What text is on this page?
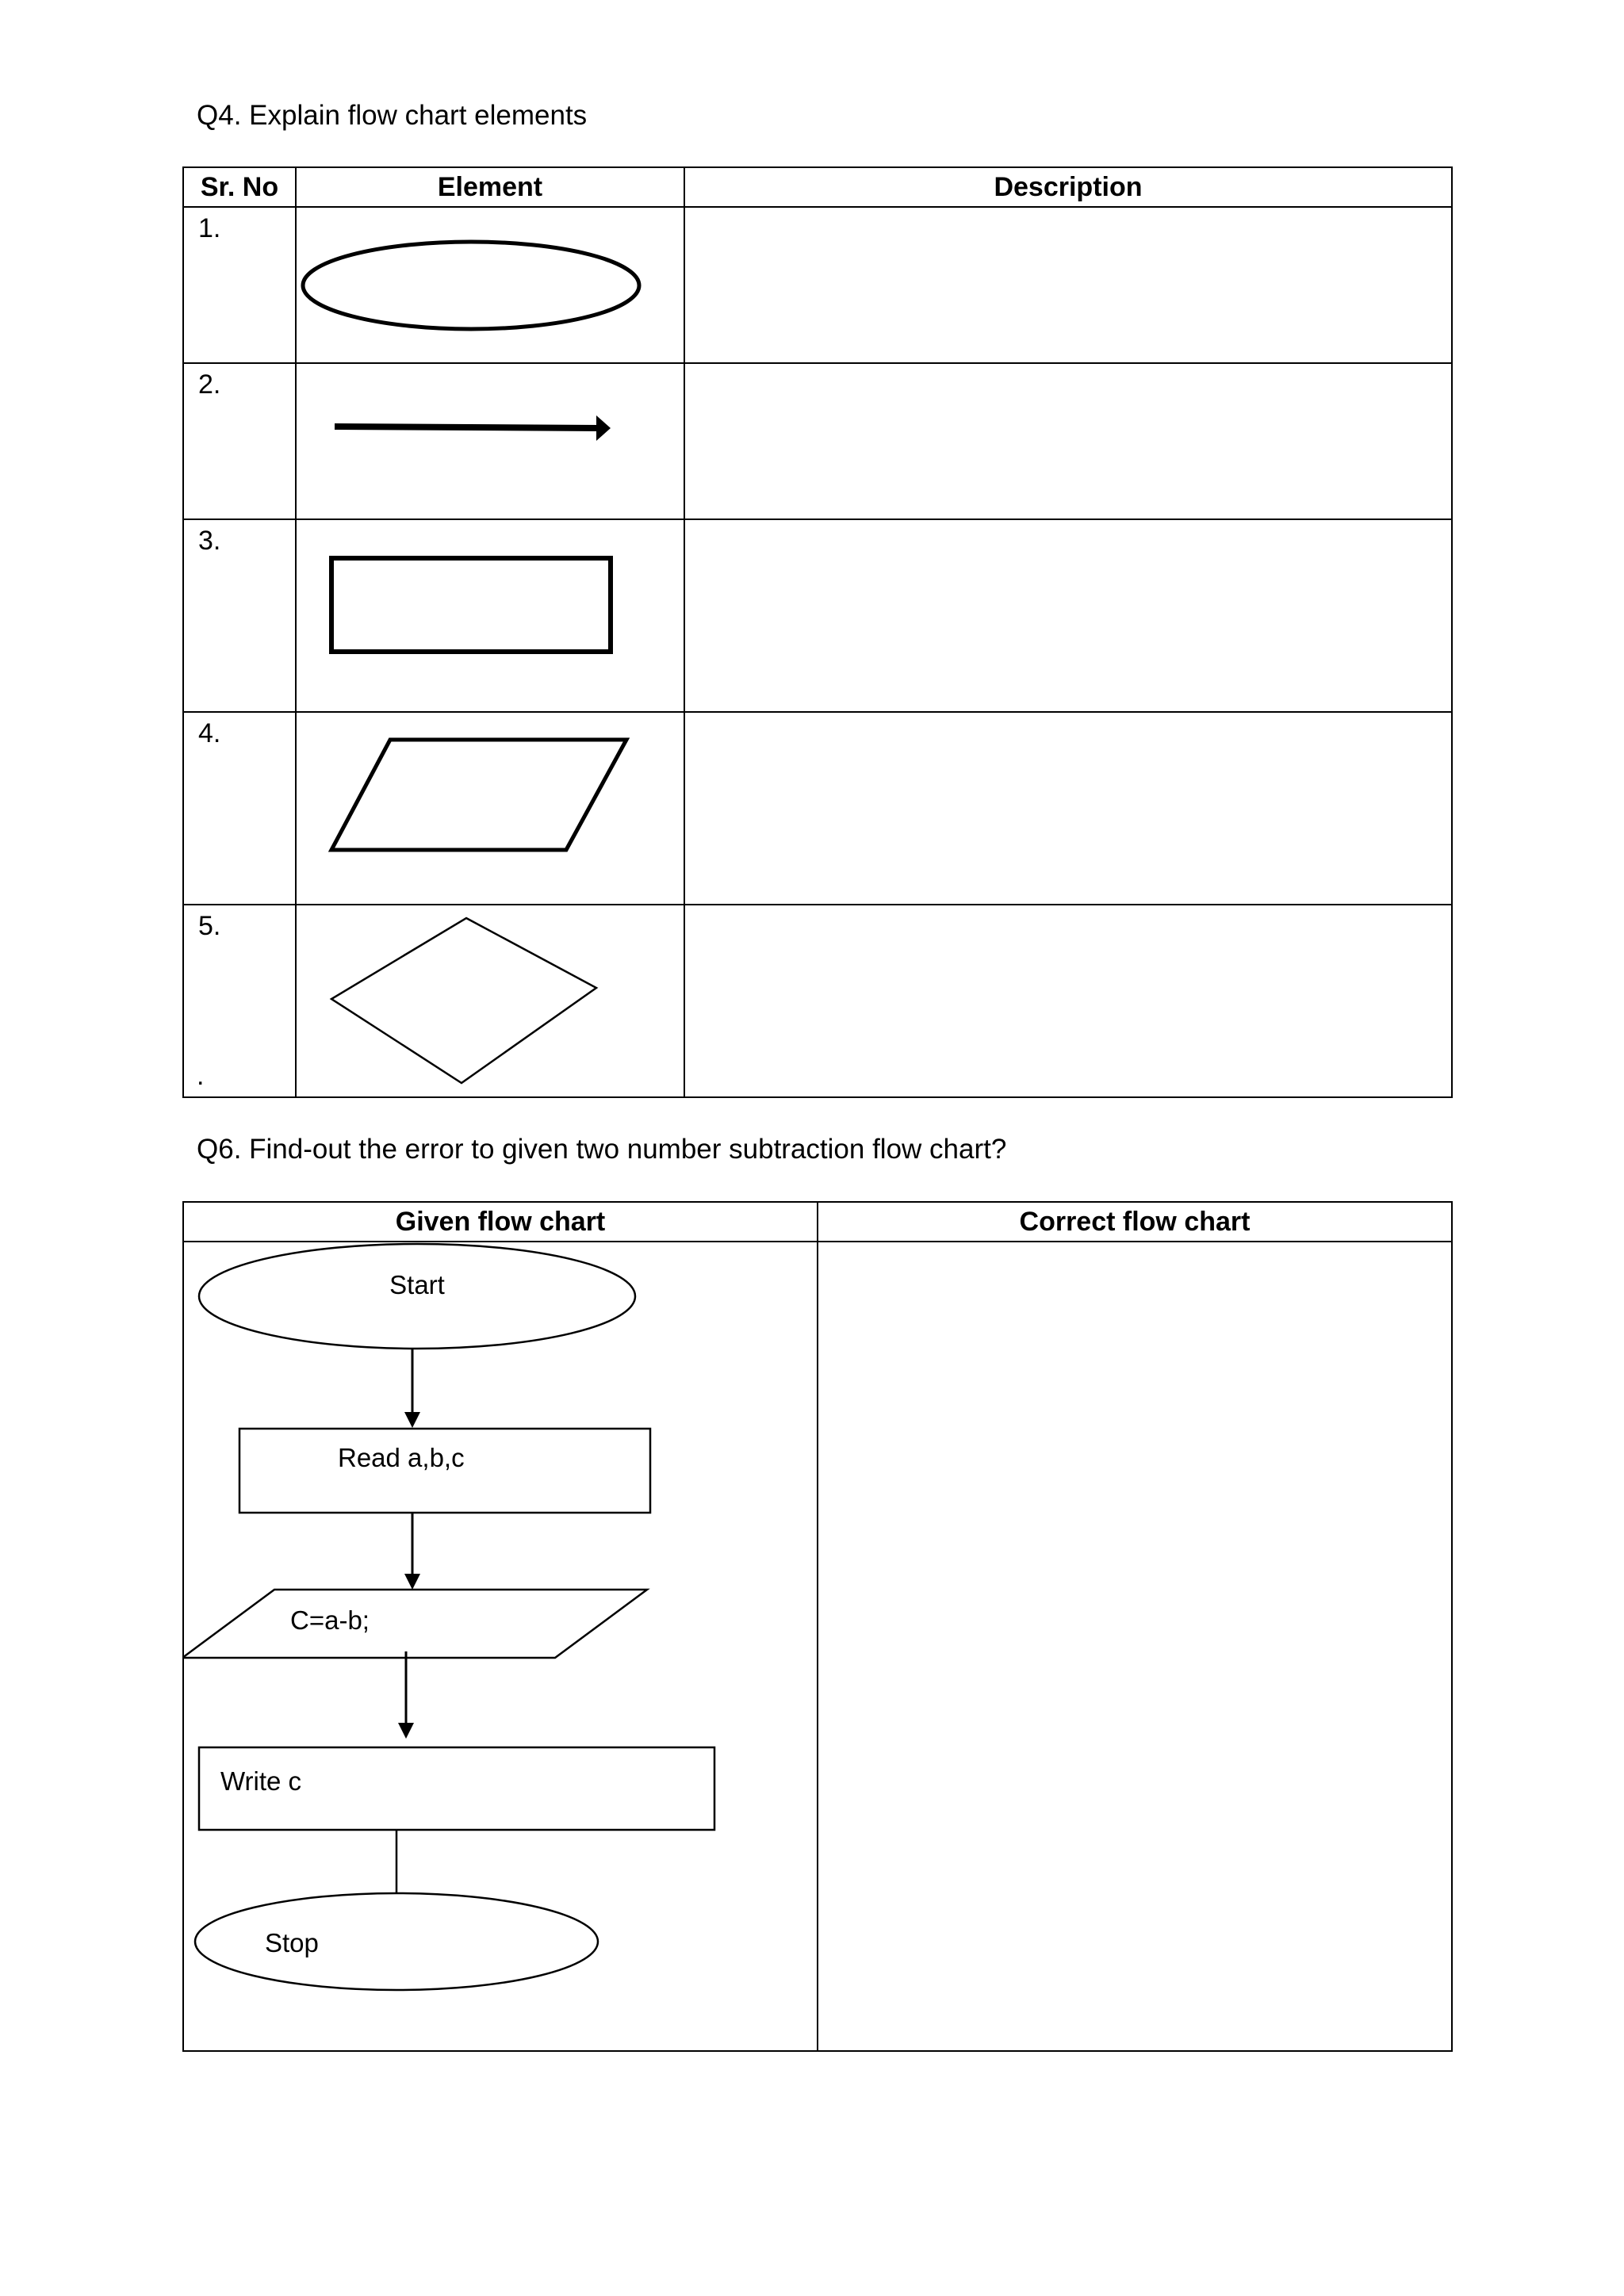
Q4. Explain flow chart elements
Sr. No	Element	Description
1.	

2.	

3.	

4.	

5.	

.
Q6. Find-out the error to given two number subtraction flow chart?
Given flow chart	Correct flow chart

Start
Read a,b,c
C=a-b;
Write c
Stop
